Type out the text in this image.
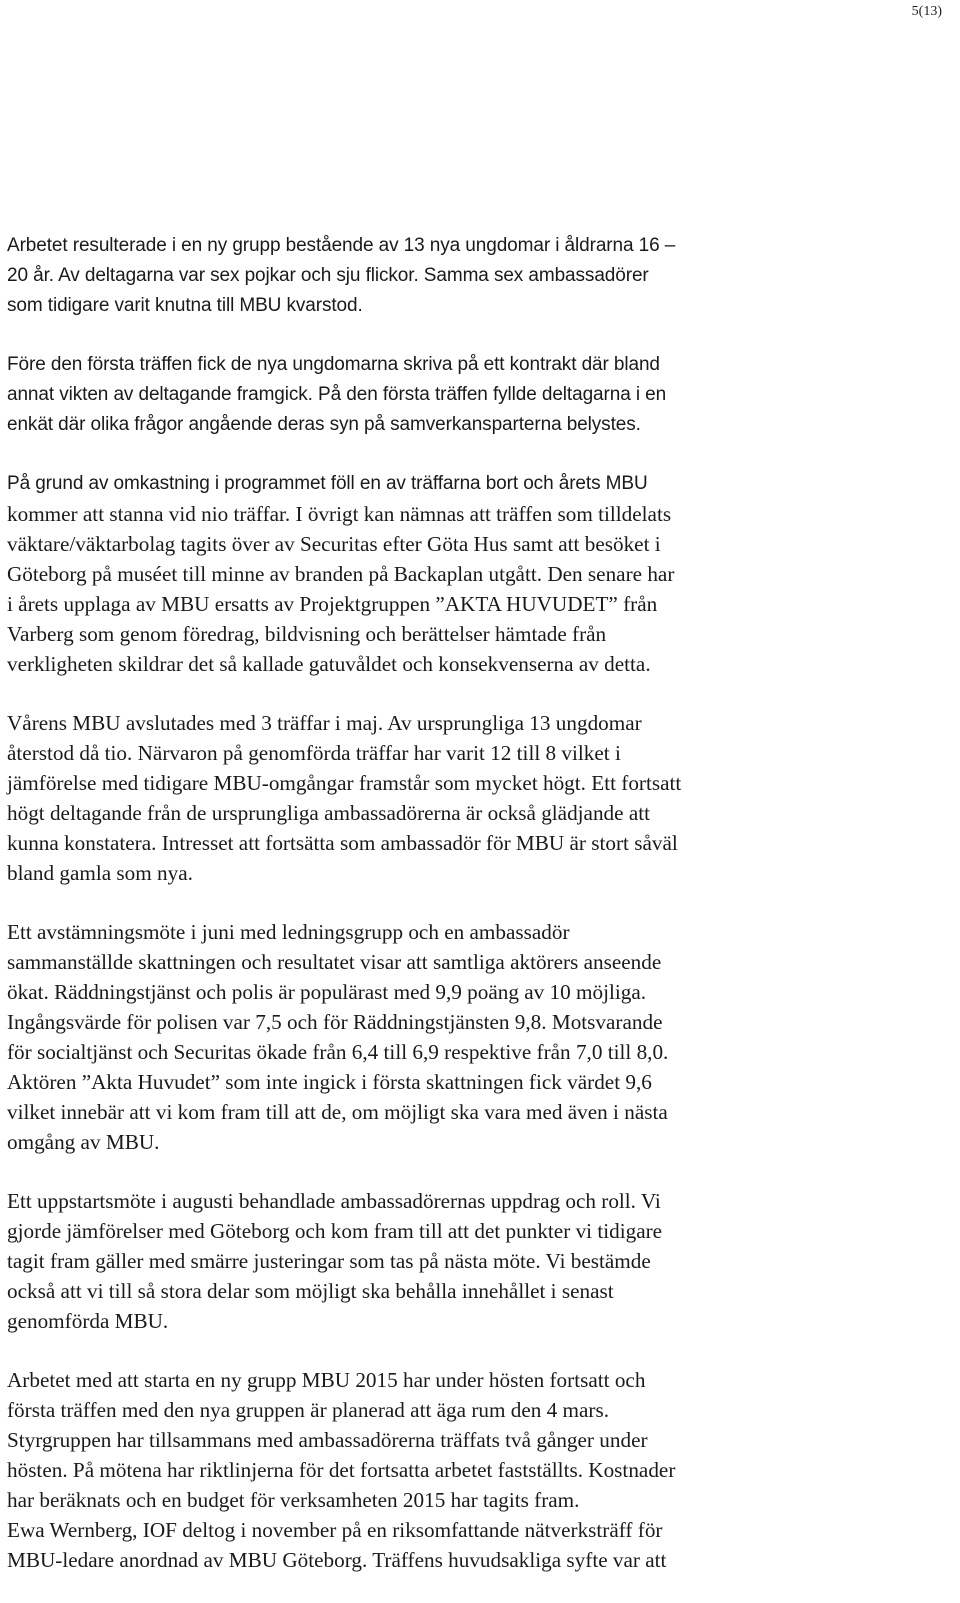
5(13)
Arbetet resulterade i en ny grupp bestående av 13 nya ungdomar i åldrarna 16 –
20 år. Av deltagarna var sex pojkar och sju flickor. Samma sex ambassadörer
som tidigare varit knutna till MBU kvarstod.
Före den första träffen fick de nya ungdomarna skriva på ett kontrakt där bland
annat vikten av deltagande framgick. På den första träffen fyllde deltagarna i en
enkät där olika frågor angående deras syn på samverkansparterna belystes.
På grund av omkastning i programmet föll en av träffarna bort och årets MBU
kommer att stanna vid nio träffar. I övrigt kan nämnas att träffen som tilldelats
väktare/väktarbolag tagits över av Securitas efter Göta Hus samt att besöket i
Göteborg på muséet till minne av branden på Backaplan utgått. Den senare har
i årets upplaga av MBU ersatts av Projektgruppen ”AKTA HUVUDET” från
Varberg som genom föredrag, bildvisning och berättelser hämtade från
verkligheten skildrar det så kallade gatuvåldet och konsekvenserna av detta.
Vårens MBU avslutades med 3 träffar i maj. Av ursprungliga 13 ungdomar
återstod då tio. Närvaron på genomförda träffar har varit 12 till 8 vilket i
jämförelse med tidigare MBU-omgångar framstår som mycket högt. Ett fortsatt
högt deltagande från de ursprungliga ambassadörerna är också glädjande att
kunna konstatera. Intresset att fortsätta som ambassadör för MBU är stort såväl
bland gamla som nya.
Ett avstämningsmöte i juni med ledningsgrupp och en ambassadör
sammanställde skattningen och resultatet visar att samtliga aktörers anseende
ökat. Räddningstjänst och polis är populärast med 9,9 poäng av 10 möjliga.
Ingångsvärde för polisen var 7,5 och för Räddningstjänsten 9,8. Motsvarande
för socialtjänst och Securitas ökade från 6,4 till 6,9 respektive från 7,0 till 8,0.
Aktören ”Akta Huvudet” som inte ingick i första skattningen fick värdet 9,6
vilket innebär att vi kom fram till att de, om möjligt ska vara med även i nästa
omgång av MBU.
Ett uppstartsmöte i augusti behandlade ambassadörernas uppdrag och roll. Vi
gjorde jämförelser med Göteborg och kom fram till att det punkter vi tidigare
tagit fram gäller med smärre justeringar som tas på nästa möte. Vi bestämde
också att vi till så stora delar som möjligt ska behålla innehållet i senast
genomförda MBU.
Arbetet med att starta en ny grupp MBU 2015 har under hösten fortsatt och
första träffen med den nya gruppen är planerad att äga rum den 4 mars.
Styrgruppen har tillsammans med ambassadörerna träffats två gånger under
hösten. På mötena har riktlinjerna för det fortsatta arbetet fastställts. Kostnader
har beräknats och en budget för verksamheten 2015 har tagits fram.
Ewa Wernberg, IOF deltog i november på en riksomfattande nätverksträff för
MBU-ledare anordnad av MBU Göteborg. Träffens huvudsakliga syfte var att
